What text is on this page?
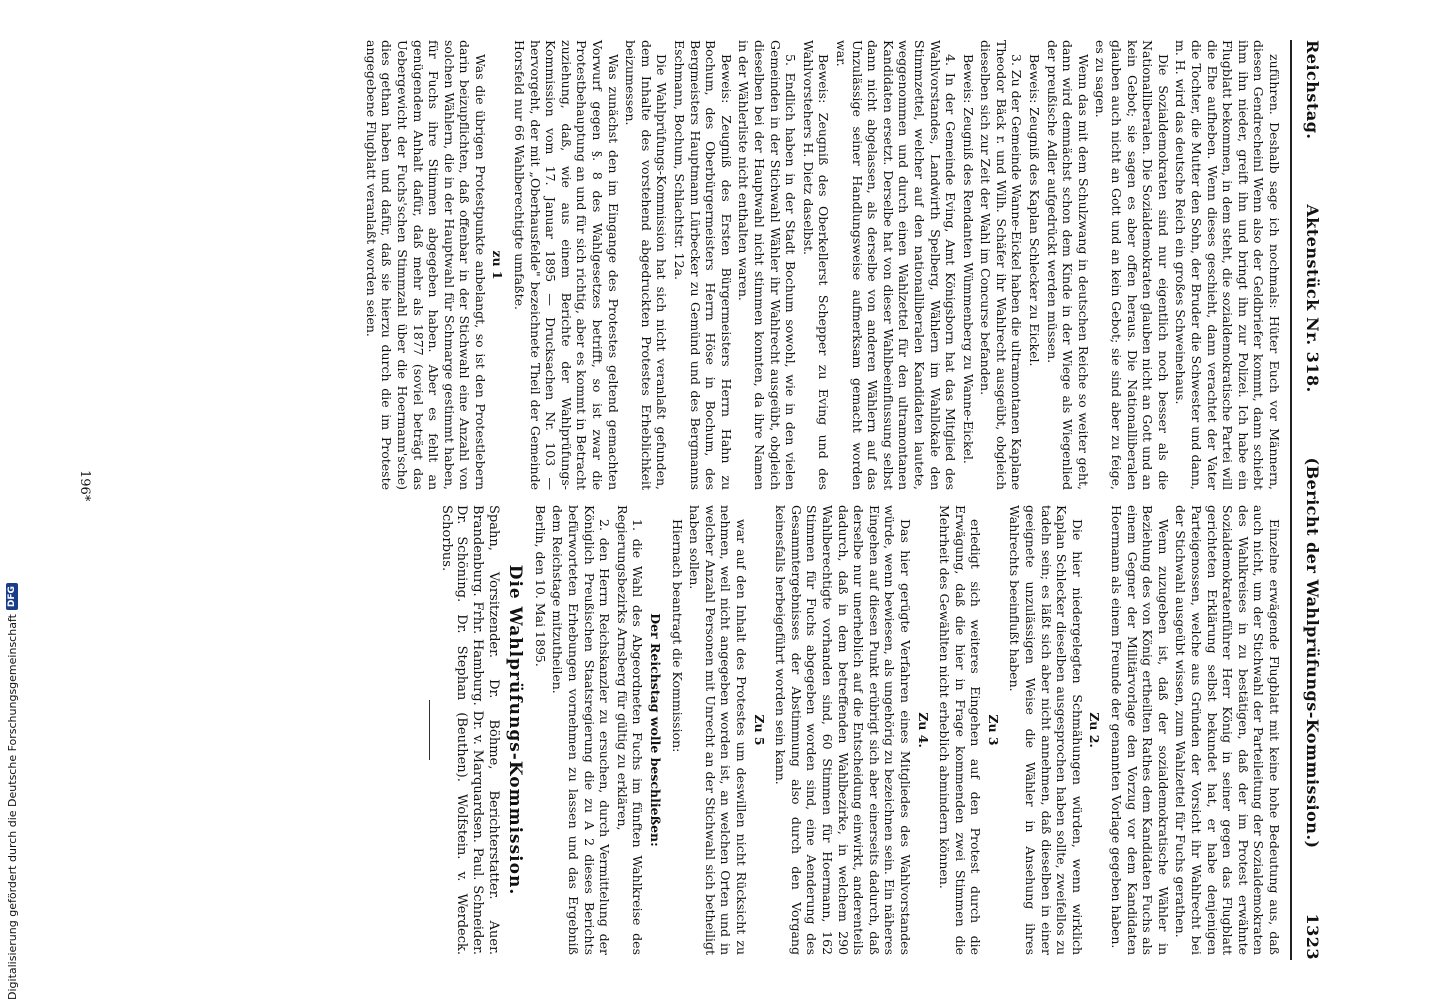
Reichstag.
Aktenstück Nr. 318.
(Bericht der Wahlprüfungs-Kommission.)
1323

zuführen. Deshalb sage ich nochmals: Hüter Euch vor Männern, diesen Gendrecheinl Wenn also der Geldbriefer kommt, dann schiebt ihm ihn nieder, greift ihn und bringt ihn zur Polizei. Ich habe ein Flugblatt bekommen, in dem steht, die sozialdemokratische Partei will die Ehe aufheben. Wenn dieses geschieht, dann verachtet der Vater die Tochter, die Mutter den Sohn, der Bruder die Schwester und dann, m. H. wird das deutsche Reich ein großes Schweinehaus.

Die Sozialdemokraten sind nur eigentlich noch besser als die Nationalliberalen. Die Sozialdemokraten glauben nicht an Gott und an kein Gebot; sie sagen es aber offen heraus. Die Nationalliberalen glauben auch nicht an Gott und an kein Gebot; sie sind aber zu feige, es zu sagen.

Wenn das mit dem Schulzwang in deutschen Reiche so weiter geht, dann wird demnächst schon dem Kinde in der Wiege als Wiegenlied der preußische Adler aufgedrückt werden müssen.

Beweis: Zeugniß des Kaplan Schlecker zu Eickel.

3. Zu der Gemeinde Wanne-Eickel haben die ultramontanen Kaplane Theodor Bäck r. und Wilh. Schäfer ihr Wahlrecht ausgeübt, obgleich dieselben sich zur Zeit der Wahl im Concurse befanden.

Beweis: Zeugniß des Rendanten Wümmenberg zu Wanne-Eickel.

4. In der Gemeinde Eving, Amt Königsborn hat das Mitglied des Wahlvorstandes, Landwirth Spelberg, Wählern im Wahllokale den Stimmzettel, welcher auf den nationalliberalen Kandidaten lautete, weggenommen und durch einen Wahlzettel für den ultramontanen Kandidaten ersetzt. Derselbe hat von dieser Wahlbeeinflussung selbst dann nicht abgelassen, als derselbe von anderen Wählern auf das Unzulässige seiner Handlungsweise aufmerksam gemacht worden war.

Beweis: Zeugniß des Oberkellerst Schepper zu Eving und des Wahlvorstehers H. Dietz daselbst.

5. Endlich haben in der Stadt Bochum sowohl, wie in den vielen Gemeinden in der Stichwahl Wähler ihr Wahlrecht ausgeübt, obgleich dieselben bei der Hauptwahl nicht stimmen konnten, da ihre Namen in der Wählerliste nicht enthalten waren.

Beweis: Zeugniß des Ersten Bürgermeisters Herrn Hahn zu Bochum, des Oberbürgermeisters Herrn Höse in Bochum, des Bergmeisters Hauptmann Lürbecker zu Gemünd und des Bergmanns Eschmann, Bochum, Schlachtstr. 12a.

Die Wahlprüfungs-Kommission hat sich nicht veranlaßt gefunden, dem Inhalte des vorstehend abgedruckten Protestes Erheblichkeit beizumessen.

Was zunächst den im Eingange des Protestes geltend gemachten Vorwurf gegen §. 8 des Wahlgesetzes betrifft, so ist zwar die Protestbehauptung an und für sich richtig, aber es kommt in Betracht zuziehung, daß, wie aus einem Berichte der Wahlprüfungs-Kommission vom 17. Januar 1895 — Drucksachen Nr. 103 — hervorgeht, der mit „Oberhausfelde" bezeichnete Theil der Gemeinde Horsfeld nur 66 Wahlberechtigte umfaßte.

zu 1

Was die übrigen Protestpunkte anbelangt, so ist den Protestlebern darin beizupflichten, daß offenbar in der Stichwahl eine Anzahl von solchen Wählern, die in der Hauptwahl für Schmarge gestimmt haben, für Fuchs ihre Stimmen abgegeben haben. Aber es fehlt an genügendem Anhalt dafür, daß mehr als 1877 (soviel beträgt das Uebergewicht der Fuchs'schen Stimmzahl über die Hoermann'sche) dies gethan haben und dafür, daß sie hierzu durch die im Proteste angegebene Flugblatt veranlaßt worden seien.

Einzelne erwägende Flugblatt mit keine hohe Bedeutung aus, daß auch nicht, um der Stichwahl der Parteileitung der Sozialdemokraten des Wahlkreises in zu bestätigen, daß der im Protest erwähnte Sozialdemokratenführer Herr König in seiner gegen das Flugblatt gerichteten Erklärung selbst bekundet hat, er habe denjenigen Parteigenossen, welche aus Gründen der Vorsicht ihr Wahlrecht bei der Stichwahl ausgeübt wissen, zum Wahlzettel für Fuchs gerathen.

Wenn zuzugeben ist, daß der sozialdemokratische Wähler in Beziehung des von König ertheilten Rathes dem Kandidaten Fuchs als einem Gegner der Militärvorlage den Vorzug vor dem Kandidaten Hoermann als einem Freunde der genannten Vorlage gegeben haben.

Zu 2.

Die hier niedergelegten Schmähungen würden, wenn wirklich Kaplan Schlecker dieselben ausgesprochen haben sollte, zweifellos zu tadeln sein; es läßt sich aber nicht annehmen, daß dieselben in einer geeignete unzulässigen Weise die Wähler in Ansehung ihres Wahlrechts beeinflußt haben.

Zu 3

erledigt sich weiteres Eingehen auf den Protest durch die Erwägung, daß die hier in Frage kommenden zwei Stimmen die Mehrheit des Gewählten nicht erheblich abmindern können.

Zu 4.

Das hier gerügte Verfahren eines Mitgliedes des Wahlvorstandes würde, wenn bewiesen, als ungehörig zu bezeichnen sein. Ein näheres Eingehen auf diesen Punkt erübrigt sich aber einerseits dadurch, daß derselbe nur unerheblich auf die Entscheidung einwirkt, anderenteils dadurch, daß in dem betreffenden Wahlbezirke, in welchem 290 Wahlberechtigte vorhanden sind, 60 Stimmen für Hoermann, 162 Stimmen für Fuchs abgegeben worden sind, eine Aenderung des Gesammtergebnisses der Abstimmung also durch den Vorgang keinesfalls herbeigeführt worden sein kann.

Zu 5

war auf den Inhalt des Protestes um deswillen nicht Rücksicht zu nehmen, weil nicht angegeben worden ist, an welchen Orten und in welcher Anzahl Personen mit Unrecht an der Stichwahl sich betheiligt haben sollen.

Hiernach beantragt die Kommission:

Der Reichstag wolle beschließen:

1. die Wahl des Abgeordneten Fuchs im fünften Wahlkreise des Regierungsbezirks Arnsberg für gültig zu erklären,

2. den Herrn Reichskanzler zu ersuchen, durch Vermittelung der Königlich Preußischen Staatsregierung die zu A 2 dieses Berichts befürworteten Erhebungen vornehmen zu lassen und das Ergebniß dem Reichstage mitzutheilen.

Berlin, den 10. Mai 1895.

Die Wahlprüfungs-Kommission.

Spahn, Vorsitzender. Dr. Böhme, Berichterstatter. Auer. Brandenburg. Frhr. Hamburg. Dr. v. Marquardsen. Paul. Schneider. Dr. Schöning. Dr. Stephan (Beuthen). Wolfstein. v. Werdeck. Schorbus.

196*
Digitalisierung gefördert durch die Deutsche Forschungsgemeinschaft
DFG
